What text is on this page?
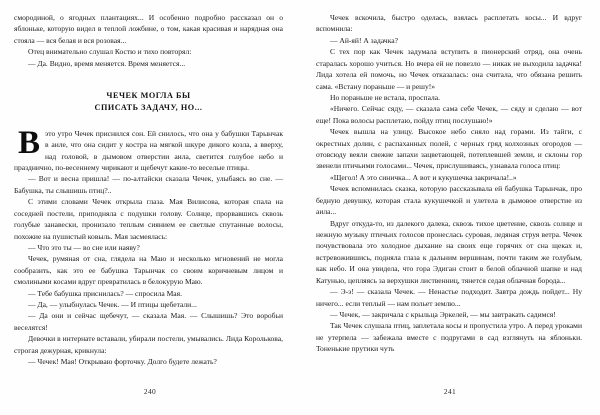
смородиной, о ягодных плантациях... И особенно подробно рассказал он о яблоньке, которую видел в теплой ложбине, о том, какая красивая и нарядная она стояла — вся белая и вся розовая...

Отец внимательно слушал Костю и тихо повторял:

— Да. Видно, время меняется. Время меняется...

ЧЕЧЕК МОГЛА БЫ
СПИСАТЬ ЗАДАЧУ, НО...
В это утро Чечек приснился сон. Ей снилось, что она у бабушки Тарынчак в аиле, что она сидит у костра на мягкой шкуре дикого козла, а вверху, над головой, в дымовом отверстии аила, светится голубое небо и празднично, по-весеннему чирикают и щебечут какие-то веселые птицы.

— Вот и весна пришла! — по-алтайски сказала Чечек, улыбаясь во сне. — Бабушка, ты слышишь птиц?..

С этими словами Чечек открыла глаза. Мая Вилисова, которая спала на соседней постели, приподняла с подушки голову. Солнце, прорвавшись сквозь голубые занавески, пронизало теплым сиянием ее светлые спутанные волосы, похожие на пушистый ковыль. Мая засмеялась:

— Что это ты — во сне или наяву?

Чечек, румяная от сна, глядела на Маю и несколько мгновений не могла сообразить, как это ее бабушка Тарынчак со своим коричневым лицом и смолиными косами вдруг превратилась в белокурую Маю.

— Тебе бабушка приснилась? — спросила Мая.

— Да, — улыбнулась Чечек. — И птицы щебетали...

— Да они и сейчас щебечут, — сказала Мая. — Слышишь? Это воробьи веселятся!

Девочки в интернате вставали, убирали постели, умывались. Лида Королькова, строгая дежурная, крикнула:

— Чечек! Мая! Открываю форточку. Долго будете лежать?

240

Чечек вскочила, быстро оделась, взялась расплетать косы... И вдруг вспомнила:

— Ай-яй! А задачка?

С тех пор как Чечек задумала вступить в пионерский отряд, она очень старалась хорошо учиться. Но вчера ей не повезло — никак не выходила задачка! Лида хотела ей помочь, но Чечек отказалась: она считала, что обязана решить сама. «Встану пораньше — и решу!»

Но пораньше не встала, проспала.

«Ничего. Сейчас сяду, — сказала сама себе Чечек, — сяду и сделаю — вот еще! Пока волосы расплетаю, пойду птиц послушаю!»

Чечек вышла на улицу. Высокое небо сняло над горами. Из тайги, с окрестных долин, с распаханных полей, с черных гряд колхозных огородов — отовсюду веяли свежие запахи зацветающей, потеплевшей земли, и склоны гор звенели птичьими голосами... Чечек, прислушиваясь, узнавала голоса птиц:

«Щегол! А это синичка... А вот и кукушечка закричала!..»

Чечек вспомнилась сказка, которую рассказывала ей бабушка Тарынчак, про бедную девушку, которая стала кукушечкой и улетела в дымовое отверстие из аила...

Вдруг откуда-то, из далекого далека, сквозь тихое цветение, сквозь солнце и нежную музыку птичьих голосов пронеслась суровая, ледяная струя ветра. Чечек почувствовала это холодное дыхание на своих еще горячих от сна щеках и, встревожившись, подняла глаза к дальним вершинам, почти таким же голубым, как небо. И она увидела, что гора Эдиган стоит в белой облачной шапке и над Катунью, цепляясь за верхушки лиственниц, тянется седая облачная борода...

— Э-э! — сказала Чечек. — Ненастье подходит. Завтра дождь пойдет... Ну ничего... если теплый — нам польет землю...

— Чечек, — закричала с крыльца Эркелей, — мы завтракать садимся!

Так Чечек слушала птиц, заплетала косы и пропустила утро. А перед уроками не утерпела — забежала вместе с подругами в сад взглянуть на яблоньки. Тоненькие прутики чуть

241
